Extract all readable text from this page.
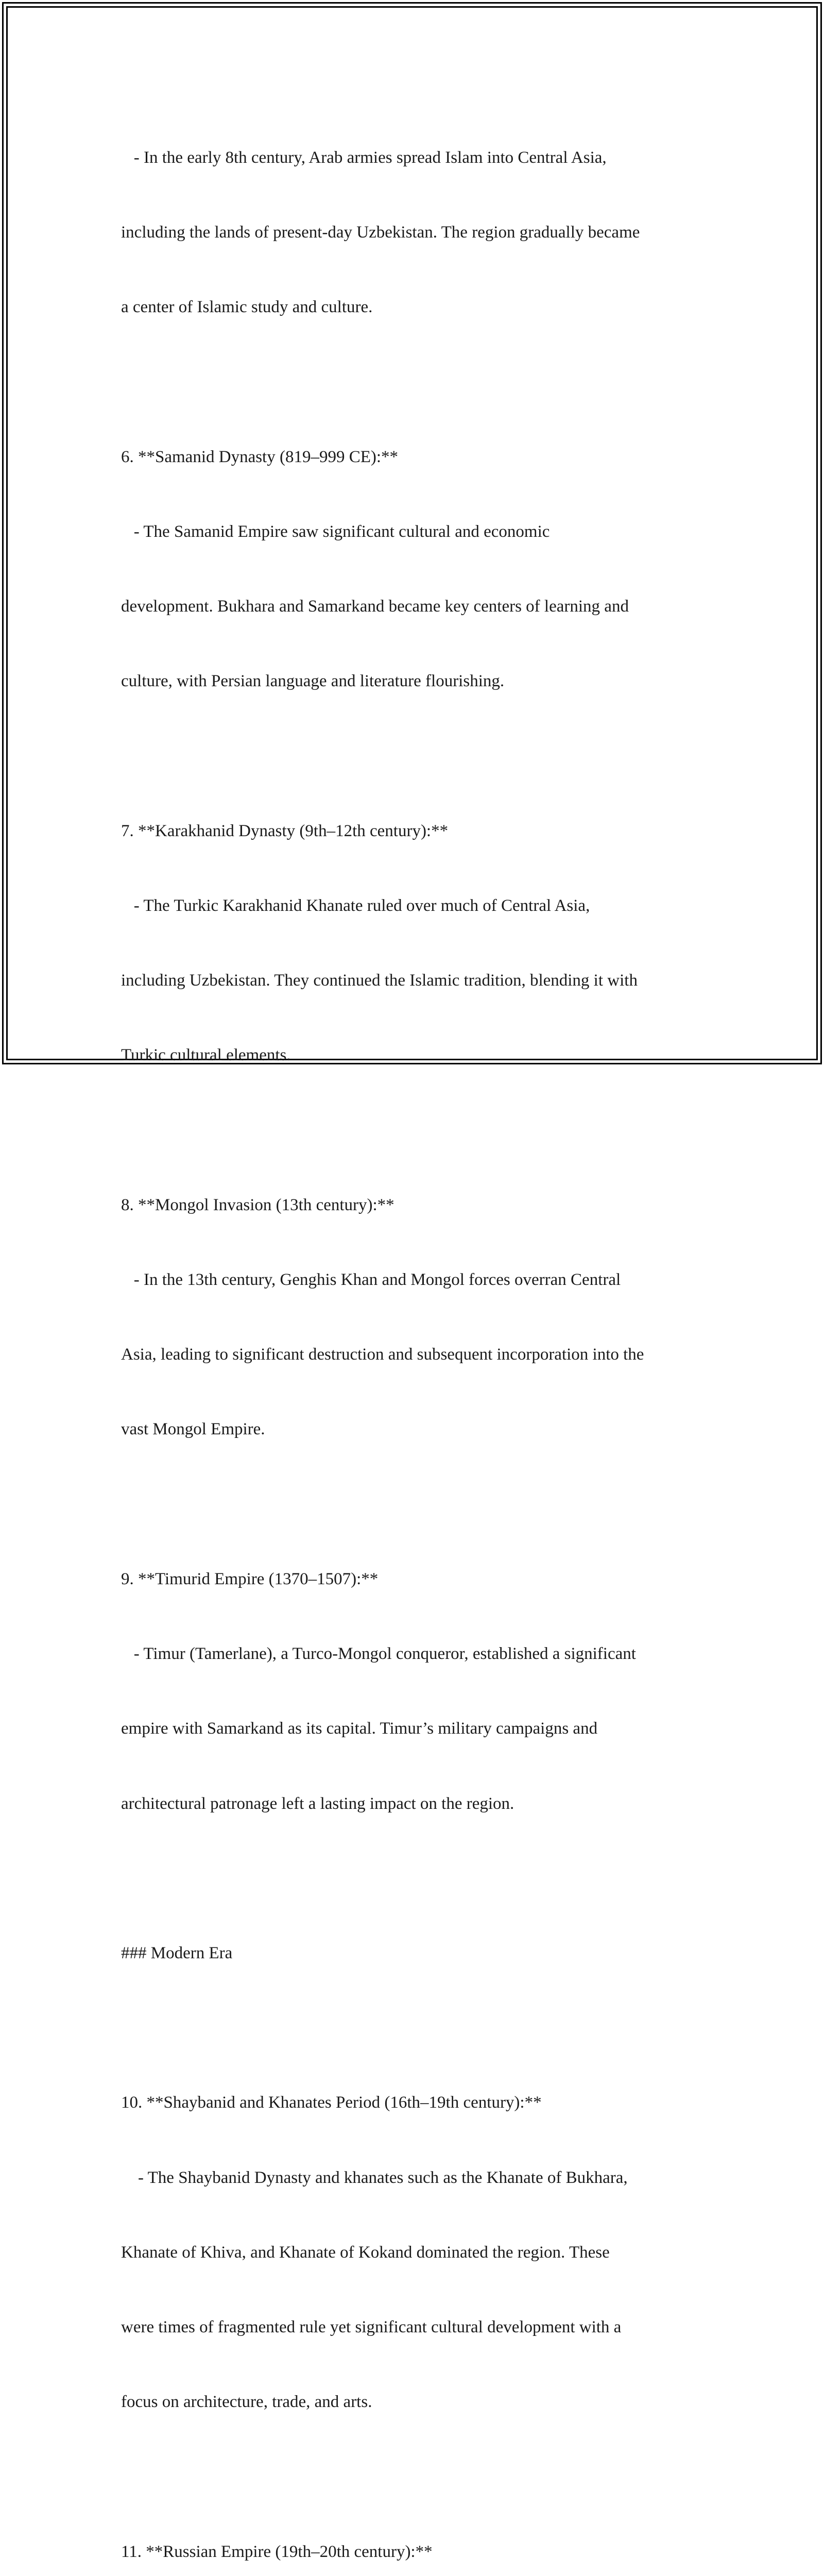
- In the early 8th century, Arab armies spread Islam into Central Asia,

including the lands of present-day Uzbekistan. The region gradually became

a center of Islamic study and culture.

6. **Samanid Dynasty (819–999 CE):**

- The Samanid Empire saw significant cultural and economic

development. Bukhara and Samarkand became key centers of learning and

culture, with Persian language and literature flourishing.

7. **Karakhanid Dynasty (9th–12th century):**

- The Turkic Karakhanid Khanate ruled over much of Central Asia,

including Uzbekistan. They continued the Islamic tradition, blending it with

Turkic cultural elements.

8. **Mongol Invasion (13th century):**

- In the 13th century, Genghis Khan and Mongol forces overran Central

Asia, leading to significant destruction and subsequent incorporation into the

vast Mongol Empire.

9. **Timurid Empire (1370–1507):**

- Timur (Tamerlane), a Turco-Mongol conqueror, established a significant

empire with Samarkand as its capital. Timur’s military campaigns and

architectural patronage left a lasting impact on the region.

### Modern Era

10. **Shaybanid and Khanates Period (16th–19th century):**

- The Shaybanid Dynasty and khanates such as the Khanate of Bukhara,

Khanate of Khiva, and Khanate of Kokand dominated the region. These

were times of fragmented rule yet significant cultural development with a

focus on architecture, trade, and arts.

11. **Russian Empire (19th–20th century):**
